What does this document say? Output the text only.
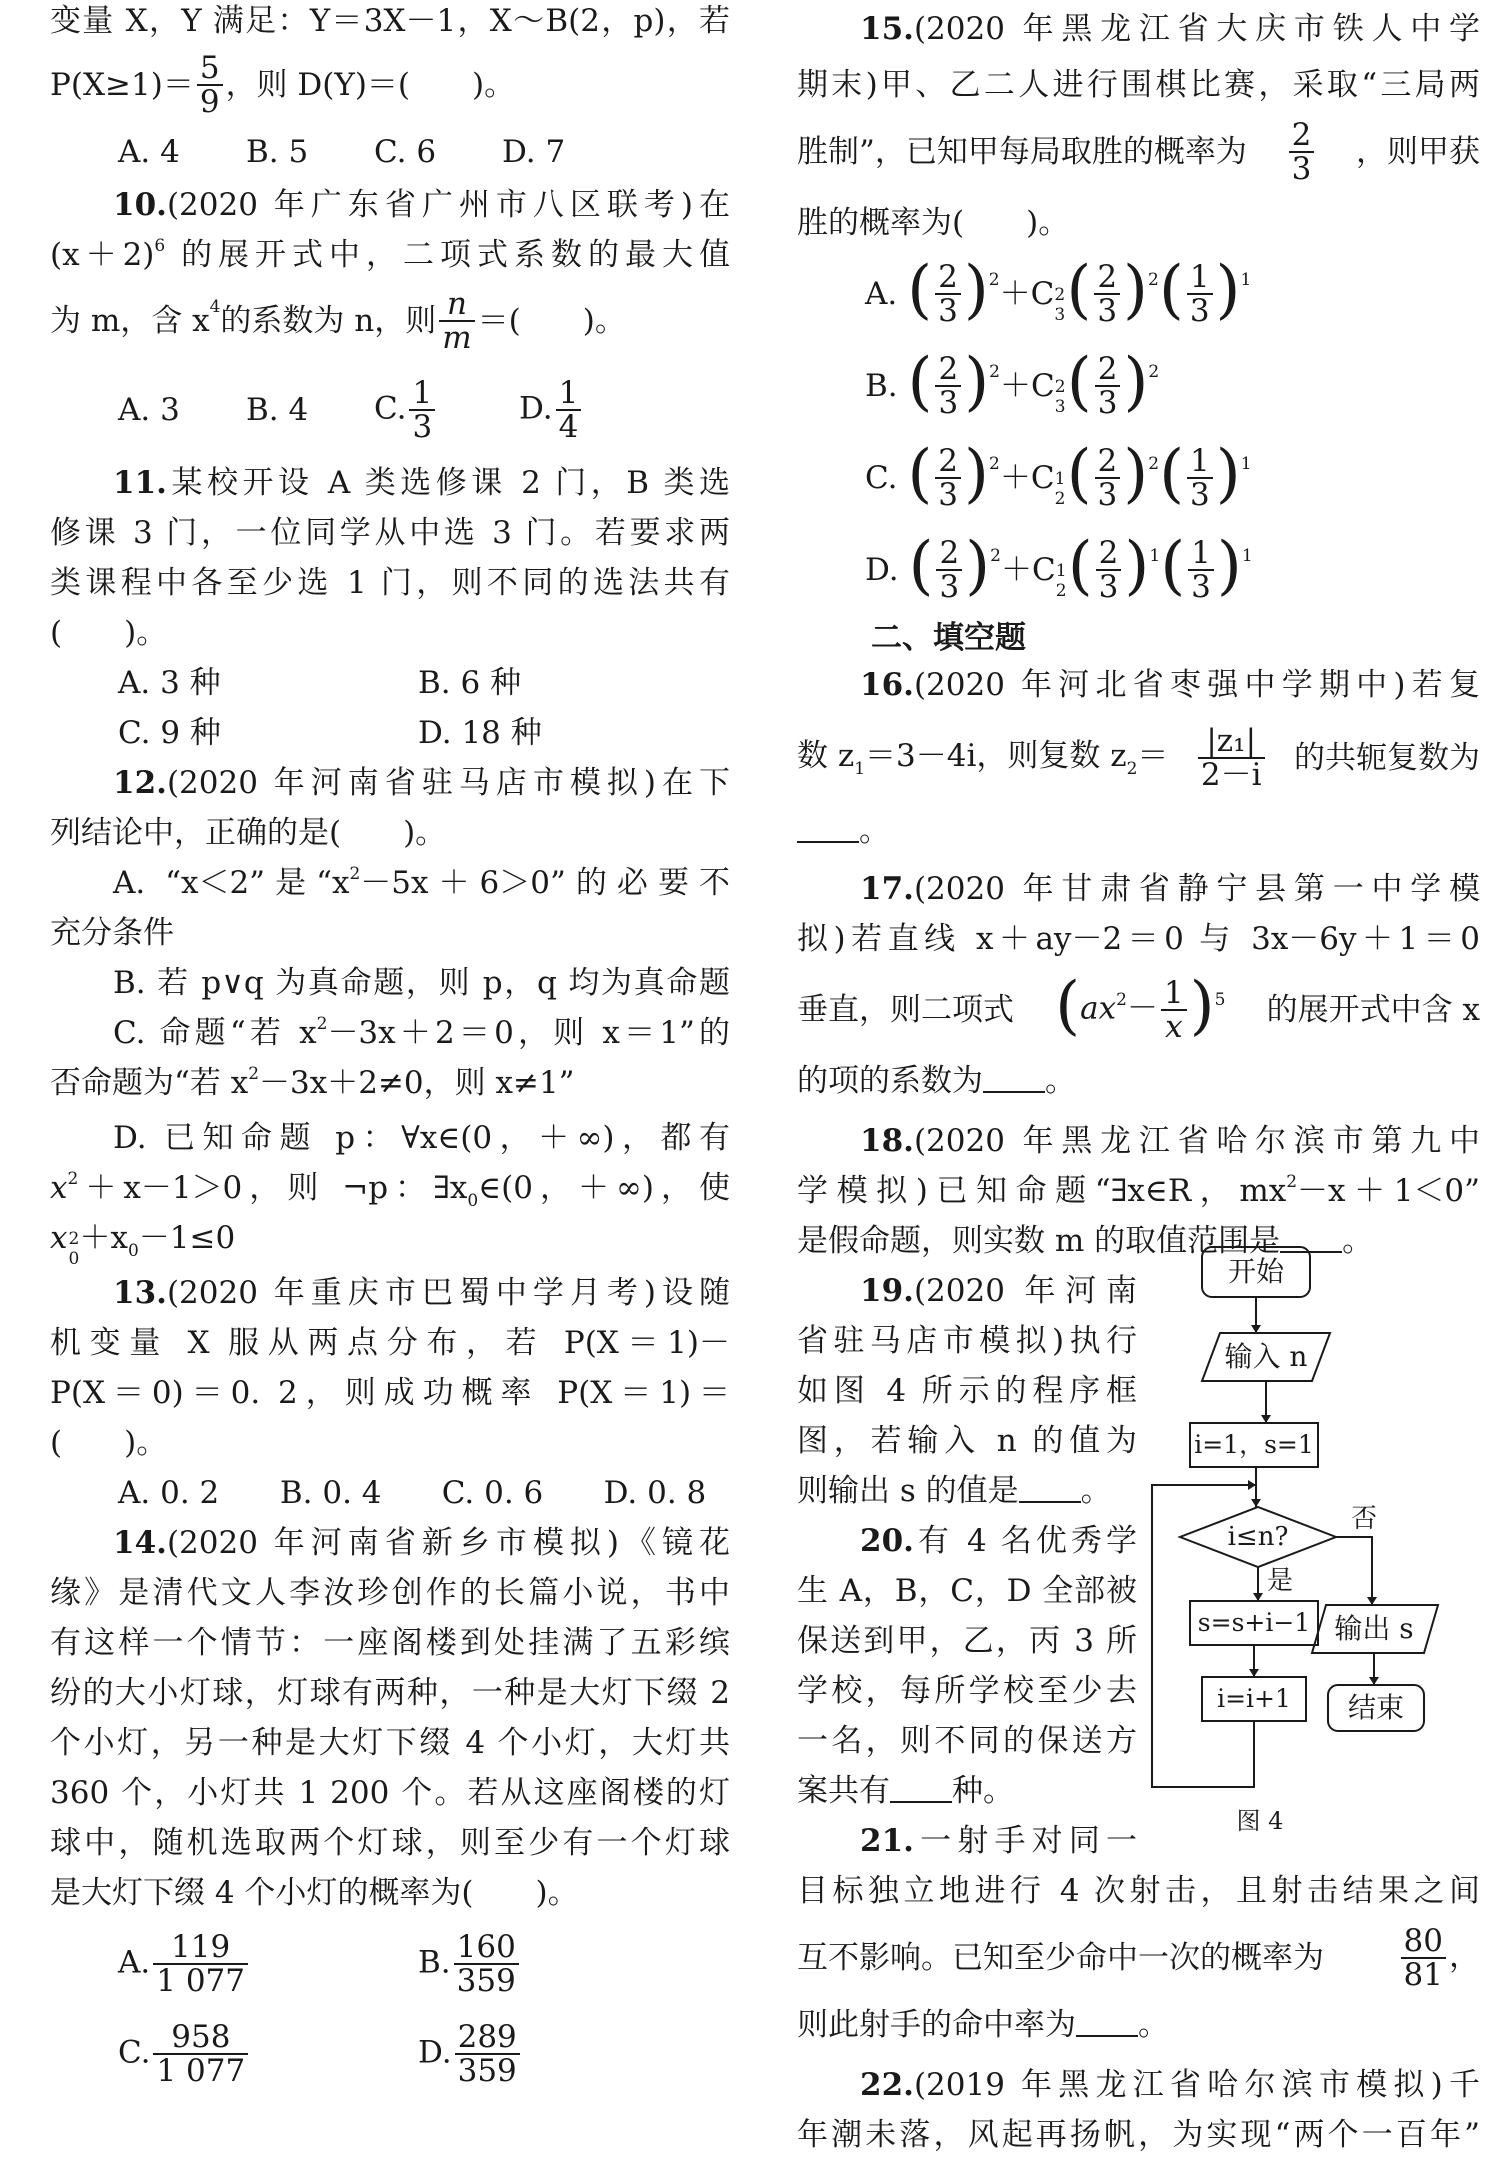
变量 X，Y 满足：Y＝3X－1，X～B(2，p)，若
$P(X\ge 1)= \frac{5}{9}$ ，则 D(Y)＝(　　)。
A. 4	B. 5	C. 6	D. 7
10.(2020 年广东省广州市八区联考)在
$(x+2)^6$ 的展开式中，二项式系数的最大值
为 m，含 x 4 的系数为 n，则 $\frac{n}{m}$ ＝(　　)。
A. 3	B. 4	C. $\frac{1}{3}$	D. $\frac{1}{4}$
11.某校开设 A 类选修课 2 门，B 类选
修课 3 门，一位同学从中选 3 门。若要求两
类课程中各至少选 1 门，则不同的选法共有
(　　)。
A. 3 种	B. 6 种
C. 9 种	D. 18 种
12.(2020 年河南省驻马店市模拟)在下
列结论中，正确的是(　　)。
A. “x＜2”是“$x^2-5x+6>0$”的必要不
充分条件
B. 若 p∨q 为真命题，则 p，q 均为真命题
C. 命题“若 $x^2-3x+2=0$，则 x＝1”的
否命题为“若 $x^2-3x+2\ne 0$，则 x≠1”
D. 已知命题 p：∀x∈(0，＋∞)，都有
$x^2+x-1>0$，则 ¬p：$\exists x_0\in(0$，＋∞)，使
x 2
0
$+x_0-1\le 0$
13.(2020 年重庆市巴蜀中学月考)设随
机变量 X 服从两点分布，若 P(X＝1)－
P(X＝0)＝0. 2，则成功概率 P(X＝1)＝
(　　)。
A. 0. 2	B. 0. 4	C. 0. 6	D. 0. 8
14.(2020 年河南省新乡市模拟)《镜花
缘》是清代文人李汝珍创作的长篇小说，书中
有这样一个情节：一座阁楼到处挂满了五彩缤
纷的大小灯球，灯球有两种，一种是大灯下缀 2
个小灯，另一种是大灯下缀 4 个小灯，大灯共
360 个，小灯共 1 200 个。若从这座阁楼的灯
球中，随机选取两个灯球，则至少有一个灯球
是大灯下缀 4 个小灯的概率为(　　)。
A. $\frac{119}{1 077}$	B. $\frac{160}{359}$
C. $\frac{958}{1 077}$	D. $\frac{289}{359}$
15.(2020 年黑龙江省大庆市铁人中学
期末)甲、乙二人进行围棋比赛，采取“三局两
胜制”，已知甲每局取胜的概率为 $\frac{2}{3}$ ，则甲获
胜的概率为(　　)。
A.
( $\frac{2}{3}$ ) 2 ＋C 2
3 ( $\frac{2}{3}$ ) 2 ( $\frac{1}{3}$ ) 1
B.
( $\frac{2}{3}$ ) 2 ＋C 2
3 ( $\frac{2}{3}$ ) 2
C.
( $\frac{2}{3}$ ) 2 ＋C 1
2 ( $\frac{2}{3}$ ) 2 ( $\frac{1}{3}$ ) 1
D.
( $\frac{2}{3}$ ) 2 ＋C 1
2 ( $\frac{2}{3}$ ) 1 ( $\frac{1}{3}$ ) 1
二、填空题
16.(2020 年河北省枣强中学期中)若复
数 $z_1=3-4i$，则复数 $z_2= \frac{\text{|z₁|}}{2-i}$ 的共轭复数为
。
17.(2020 年甘肃省静宁县第一中学模
拟)若直线 x＋ay－2＝0 与 3x－6y＋1＝0
垂直，则二项式 $(ax^2- \frac{1}{x} )^5$ 的展开式中含 x
的项的系数为 。
18.(2020 年黑龙江省哈尔滨市第九中
学模拟)已知命题“∃x∈R，$mx^2-x+1<0$”
是假命题，则实数 m 的取值范围是 。
19.(2020 年河南
省驻马店市模拟)执行
如图 4 所示的程序框
图，若输入 n 的值为
则输出 s 的值是 。
20.有 4 名优秀学
生 A，B，C，D 全部被
保送到甲，乙，丙 3 所
学校，每所学校至少去
一名，则不同的保送方
案共有 种。
21.一射手对同一
目标独立地进行 4 次射击，且射击结果之间
互不影响。已知至少命中一次的概率为 $\frac{80}{81}$ ，
则此射手的命中率为 。
22.(2019 年黑龙江省哈尔滨市模拟)千
年潮未落，风起再扬帆，为实现“两个一百年”
开始
输入 n
i=1，s=1
i≤n?
否
是
s=s+i−1
i=i+1
输出 s
结束
图 4
